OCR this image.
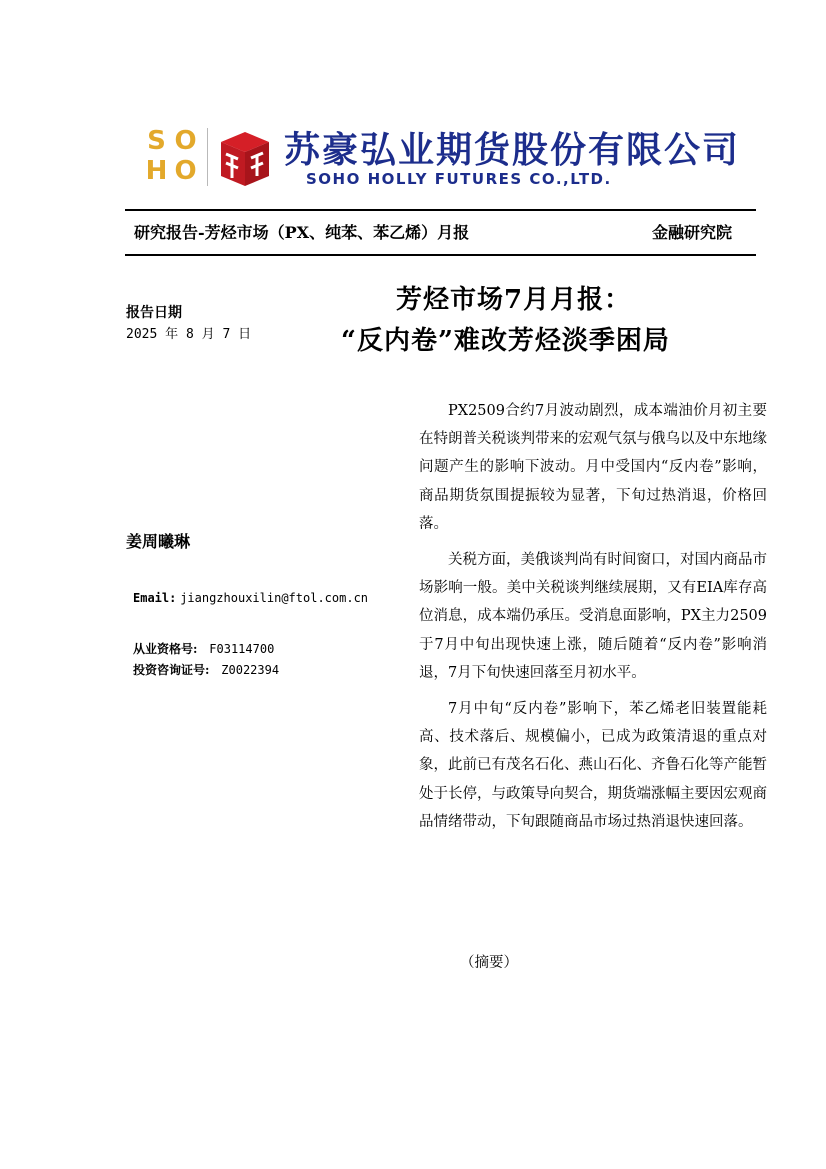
S O
H O 苏豪弘业期货股份有限公司
SOHO HOLLY FUTURES CO.,LTD.
研究报告-芳烃市场（PX、纯苯、苯乙烯）月报	金融研究院
芳烃市场7月月报：
“反内卷”难改芳烃淡季困局
报告日期
2025 年 8 月 7 日
姜周曦琳
Email: jiangzhouxilin@ftol.com.cn
从业资格号: F03114700
投资咨询证号: Z0022394

PX2509合约7月波动剧烈，成本端油价月初主要在特朗普关税谈判带来的宏观气氛与俄乌以及中东地缘问题产生的影响下波动。月中受国内“反内卷”影响，商品期货氛围提振较为显著，下旬过热消退，价格回落。

关税方面，美俄谈判尚有时间窗口，对国内商品市场影响一般。美中关税谈判继续展期，又有EIA库存高位消息，成本端仍承压。受消息面影响，PX主力2509于7月中旬出现快速上涨，随后随着“反内卷”影响消退，7月下旬快速回落至月初水平。

7月中旬“反内卷”影响下，苯乙烯老旧装置能耗高、技术落后、规模偏小，已成为政策清退的重点对象，此前已有茂名石化、燕山石化、齐鲁石化等产能暂处于长停，与政策导向契合，期货端涨幅主要因宏观商品情绪带动，下旬跟随商品市场过热消退快速回落。

（摘要）
